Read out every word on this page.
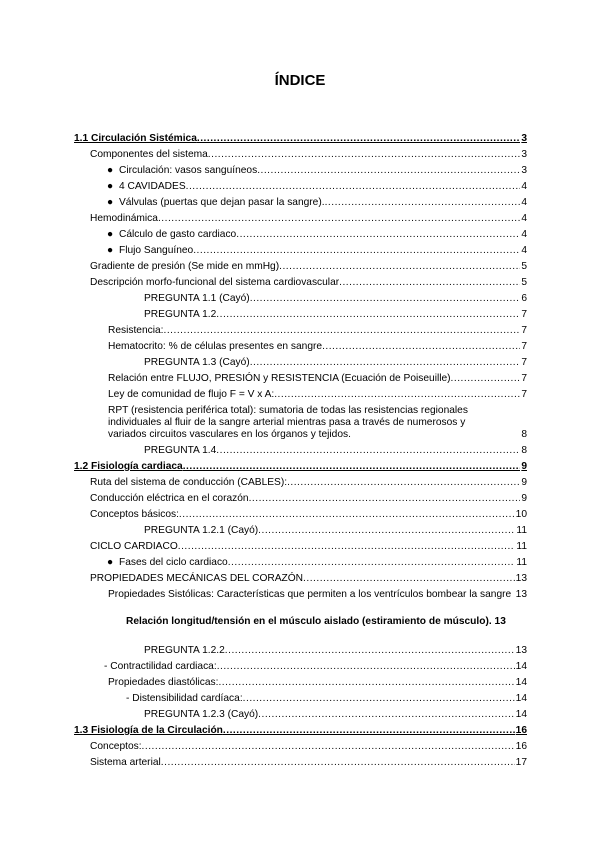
ÍNDICE
1.1 Circulación Sistémica .....	3
Componentes del sistema .....	3
● Circulación: vasos sanguíneos .....	3
● 4 CAVIDADES .....	4
● Válvulas (puertas que dejan pasar la sangre). .....	4
Hemodinámica .....	4
● Cálculo de gasto cardiaco .....	4
● Flujo Sanguíneo .....	4
Gradiente de presión (Se mide en mmHg) .....	5
Descripción morfo-funcional del sistema cardiovascular .....	5
PREGUNTA 1.1 (Cayó) .....	6
PREGUNTA 1.2 .....	7
Resistencia: .....	7
Hematocrito: % de células presentes en sangre .....	7
PREGUNTA 1.3 (Cayó) .....	7
Relación entre FLUJO, PRESIÓN y RESISTENCIA (Ecuación de Poiseuille) .....	7
Ley de comunidad de flujo F = V x A: .....	7
RPT (resistencia periférica total): sumatoria de todas las resistencias regionales individuales al fluir de la sangre arterial mientras pasa a través de numerosos y variados circuitos vasculares en los órganos y tejidos.	8
PREGUNTA 1.4 .....	8
1.2 Fisiología cardiaca .....	9
Ruta del sistema de conducción (CABLES): .....	9
Conducción eléctrica en el corazón .....	9
Conceptos básicos: .....	10
PREGUNTA 1.2.1 (Cayó) .....	11
CICLO CARDIACO .....	11
● Fases del ciclo cardiaco .....	11
PROPIEDADES MECÁNICAS DEL CORAZÓN .....	13
Propiedades Sistólicas: Características que permiten a los ventrículos bombear la sangre 13
Relación longitud/tensión en el músculo aislado (estiramiento de músculo). 13
PREGUNTA 1.2.2 .....	13
- Contractilidad cardiaca: .....	14
Propiedades diastólicas: .....	14
- Distensibilidad cardíaca: .....	14
PREGUNTA 1.2.3 (Cayó) .....	14
1.3 Fisiología de la Circulación .....	16
Conceptos: .....	16
Sistema arterial .....	17
